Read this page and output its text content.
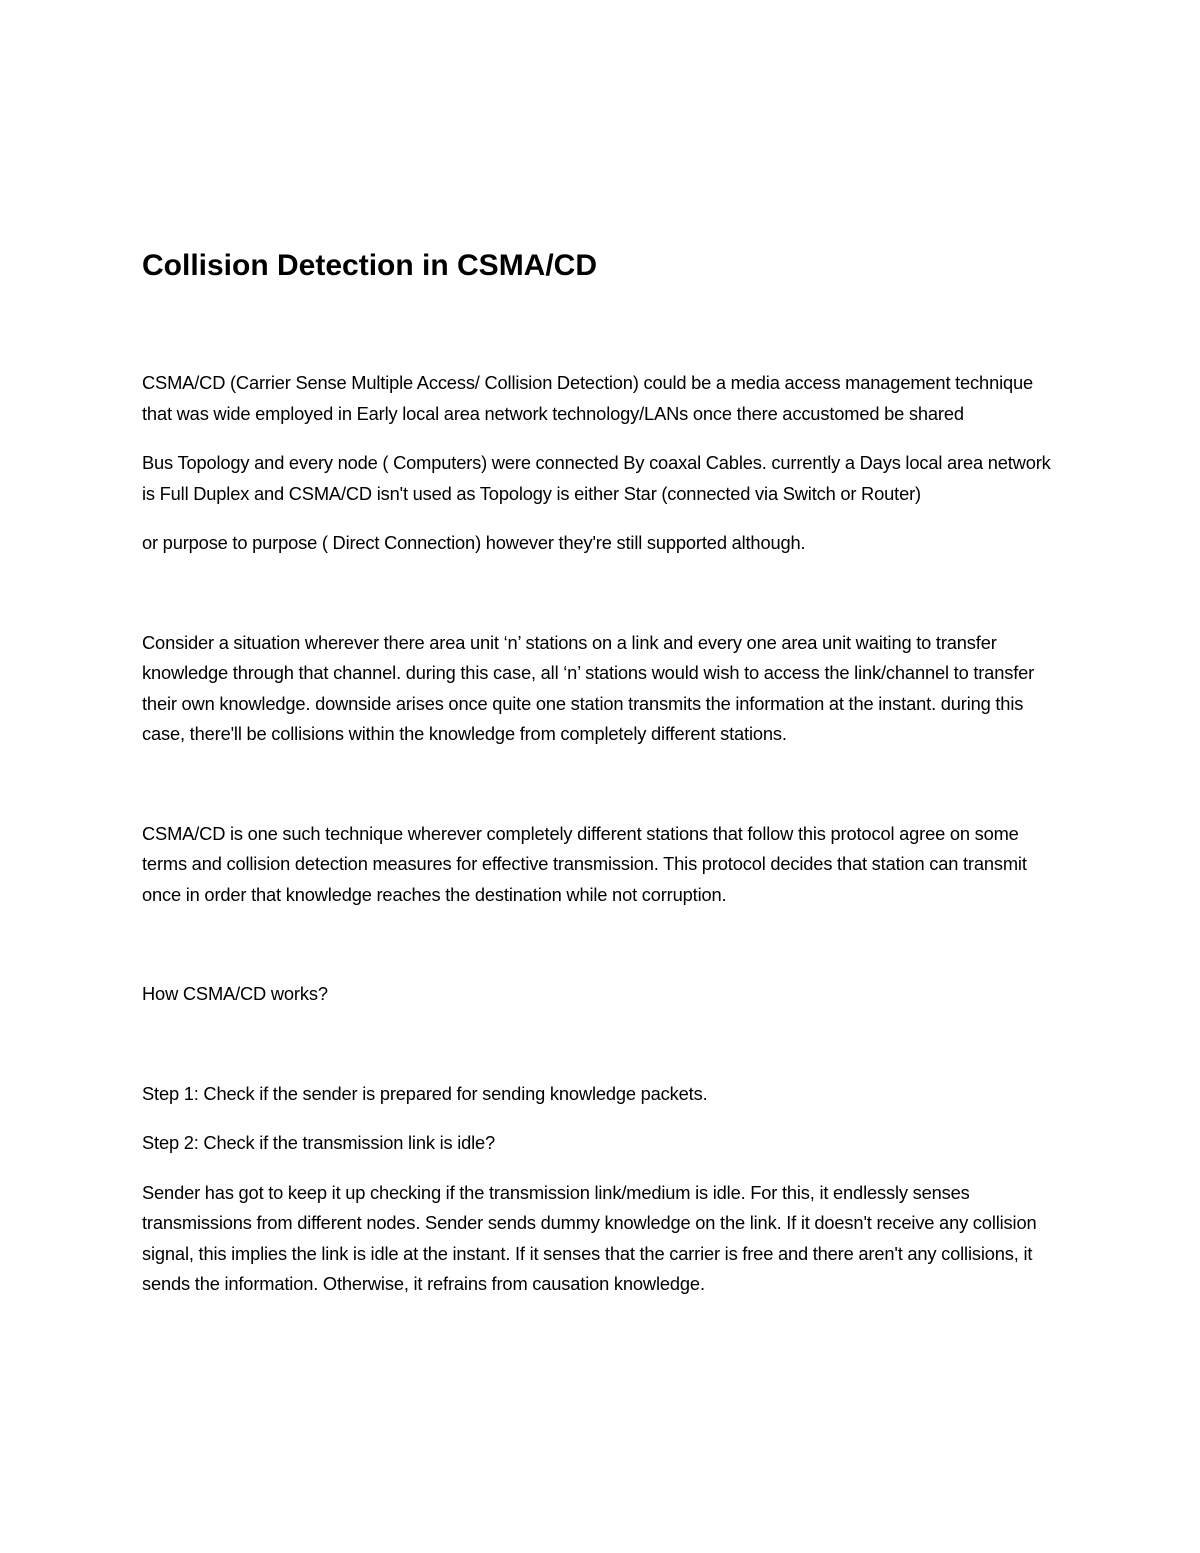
Collision Detection in CSMA/CD

CSMA/CD (Carrier Sense Multiple Access/ Collision Detection) could be a media access management technique that was wide employed in Early local area network technology/LANs once there accustomed be shared

Bus Topology and every node ( Computers) were connected By coaxal Cables. currently a Days local area network is Full Duplex and CSMA/CD isn't used as Topology is either Star (connected via Switch or Router)

or purpose to purpose ( Direct Connection) however they're still supported although.

Consider a situation wherever there area unit ‘n’ stations on a link and every one area unit waiting to transfer knowledge through that channel. during this case, all ‘n’ stations would wish to access the link/channel to transfer their own knowledge. downside arises once quite one station transmits the information at the instant. during this case, there'll be collisions within the knowledge from completely different stations.

CSMA/CD is one such technique wherever completely different stations that follow this protocol agree on some terms and collision detection measures for effective transmission. This protocol decides that station can transmit once in order that knowledge reaches the destination while not corruption.

How CSMA/CD works?

Step 1: Check if the sender is prepared for sending knowledge packets.

Step 2: Check if the transmission link is idle?

Sender has got to keep it up checking if the transmission link/medium is idle. For this, it endlessly senses transmissions from different nodes. Sender sends dummy knowledge on the link. If it doesn't receive any collision signal, this implies the link is idle at the instant. If it senses that the carrier is free and there aren't any collisions, it sends the information. Otherwise, it refrains from causation knowledge.
